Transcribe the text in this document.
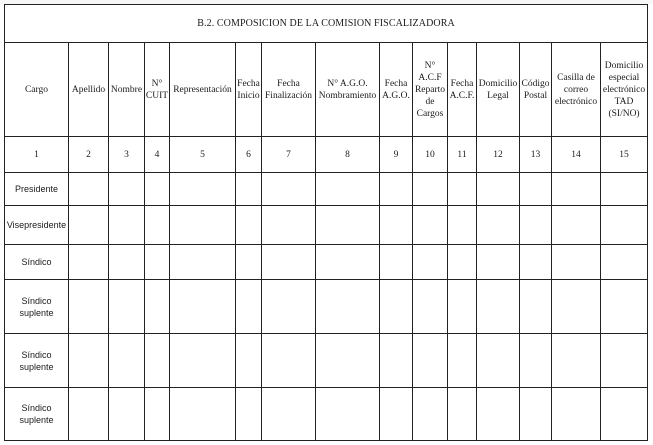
B.2. COMPOSICION DE LA COMISION FISCALIZADORA														
Cargo	Apellido	Nombre	N° CUIT	Representación	Fecha Inicio	Fecha Finalización	N° A.G.O. Nombramiento	Fecha A.G.O.	N° A.C.F Reparto de Cargos	Fecha A.C.F.	Domicilio Legal	Código Postal	Casilla de correo electrónico	Domicilio especial electrónico TAD (SI/NO)
1	2	3	4	5	6	7	8	9	10	11	12	13	14	15
Presidente														
Visepresidente														
Síndico														
Síndico suplente														
Síndico suplente														
Síndico suplente														
